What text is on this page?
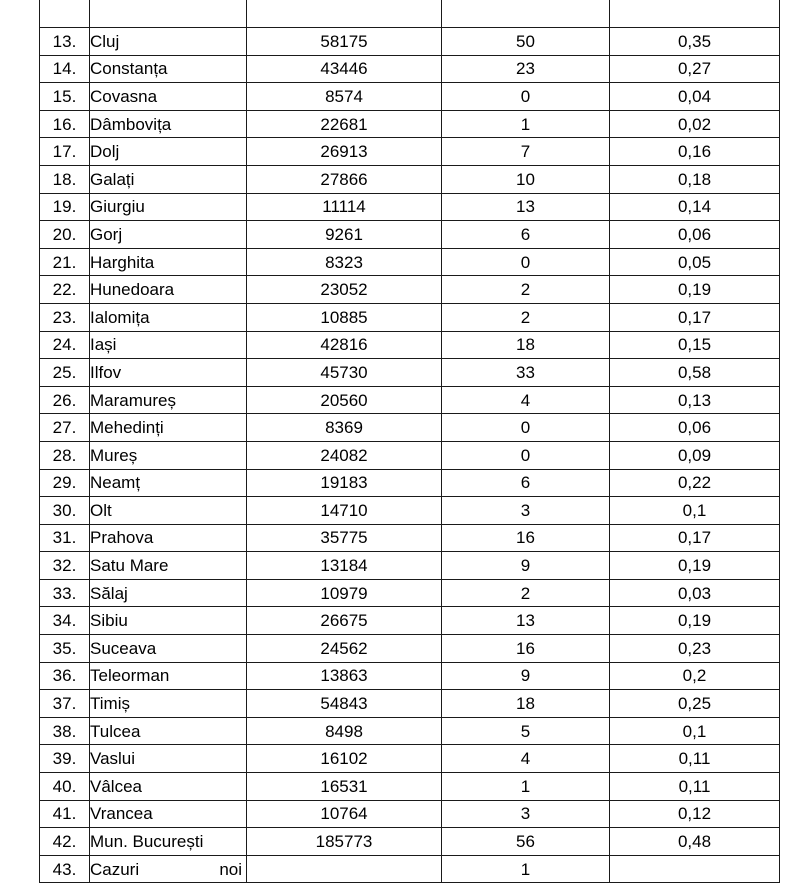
13.	Cluj	58175	50	0,35
14.	Constanța	43446	23	0,27
15.	Covasna	8574	0	0,04
16.	Dâmbovița	22681	1	0,02
17.	Dolj	26913	7	0,16
18.	Galați	27866	10	0,18
19.	Giurgiu	11114	13	0,14
20.	Gorj	9261	6	0,06
21.	Harghita	8323	0	0,05
22.	Hunedoara	23052	2	0,19
23.	Ialomița	10885	2	0,17
24.	Iași	42816	18	0,15
25.	Ilfov	45730	33	0,58
26.	Maramureș	20560	4	0,13
27.	Mehedinți	8369	0	0,06
28.	Mureș	24082	0	0,09
29.	Neamț	19183	6	0,22
30.	Olt	14710	3	0,1
31.	Prahova	35775	16	0,17
32.	Satu Mare	13184	9	0,19
33.	Sălaj	10979	2	0,03
34.	Sibiu	26675	13	0,19
35.	Suceava	24562	16	0,23
36.	Teleorman	13863	9	0,2
37.	Timiș	54843	18	0,25
38.	Tulcea	8498	5	0,1
39.	Vaslui	16102	4	0,11
40.	Vâlcea	16531	1	0,11
41.	Vrancea	10764	3	0,12
42.	Mun. București	185773	56	0,48
43.	Cazuri noi		1	
